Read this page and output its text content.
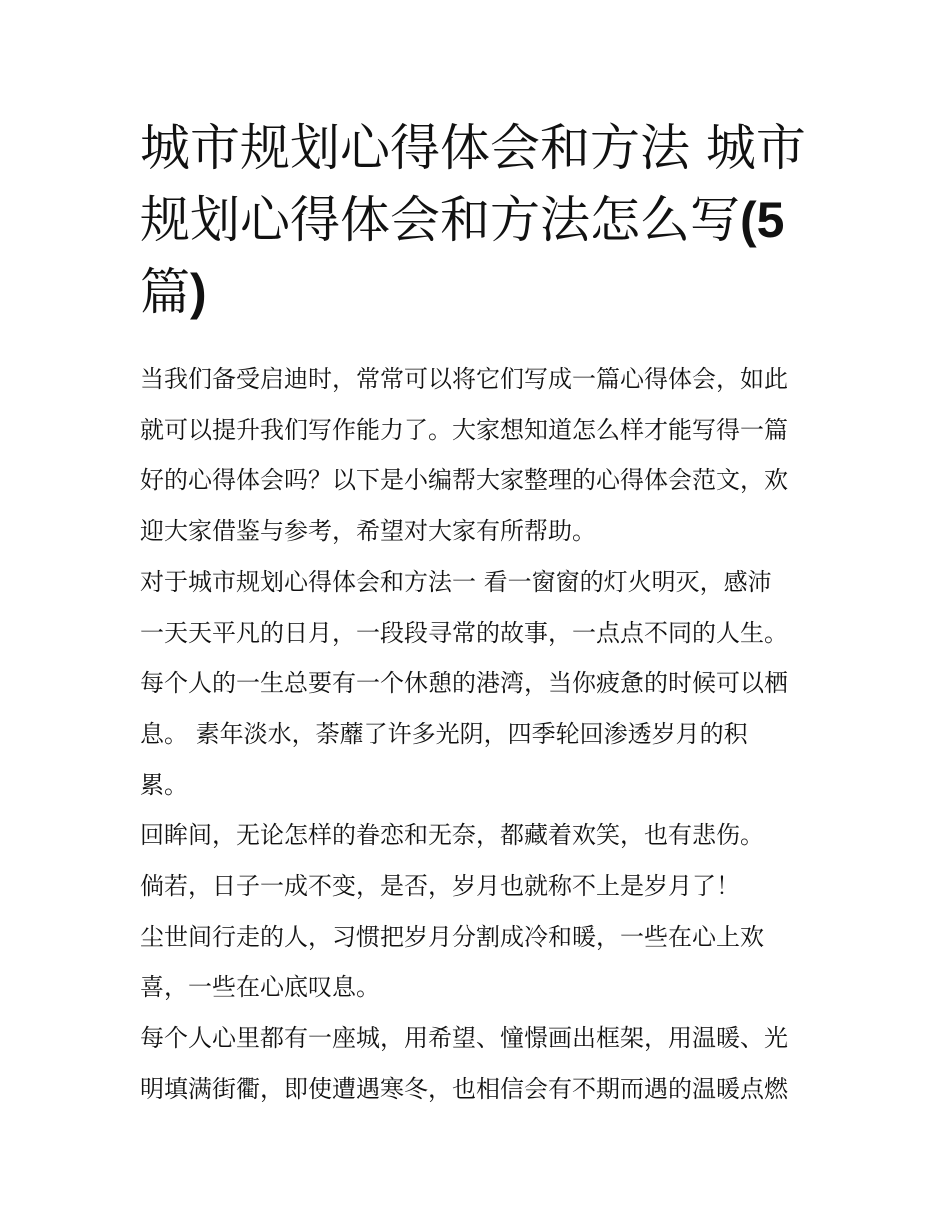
城市规划心得体会和方法 城市
规划心得体会和方法怎么写(5
篇)

当我们备受启迪时，常常可以将它们写成一篇心得体会，如此
就可以提升我们写作能力了。大家想知道怎么样才能写得一篇
好的心得体会吗？以下是小编帮大家整理的心得体会范文，欢
迎大家借鉴与参考，希望对大家有所帮助。

对于城市规划心得体会和方法一 看一窗窗的灯火明灭，感沛
一天天平凡的日月，一段段寻常的故事，一点点不同的人生。
每个人的一生总要有一个休憩的港湾，当你疲惫的时候可以栖
息。 素年淡水，荼蘼了许多光阴，四季轮回渗透岁月的积
累。

回眸间，无论怎样的眷恋和无奈，都藏着欢笑，也有悲伤。

倘若，日子一成不变，是否，岁月也就称不上是岁月了！

尘世间行走的人，习惯把岁月分割成冷和暖，一些在心上欢
喜，一些在心底叹息。

每个人心里都有一座城，用希望、憧憬画出框架，用温暖、光
明填满街衢，即使遭遇寒冬，也相信会有不期而遇的温暖点燃
